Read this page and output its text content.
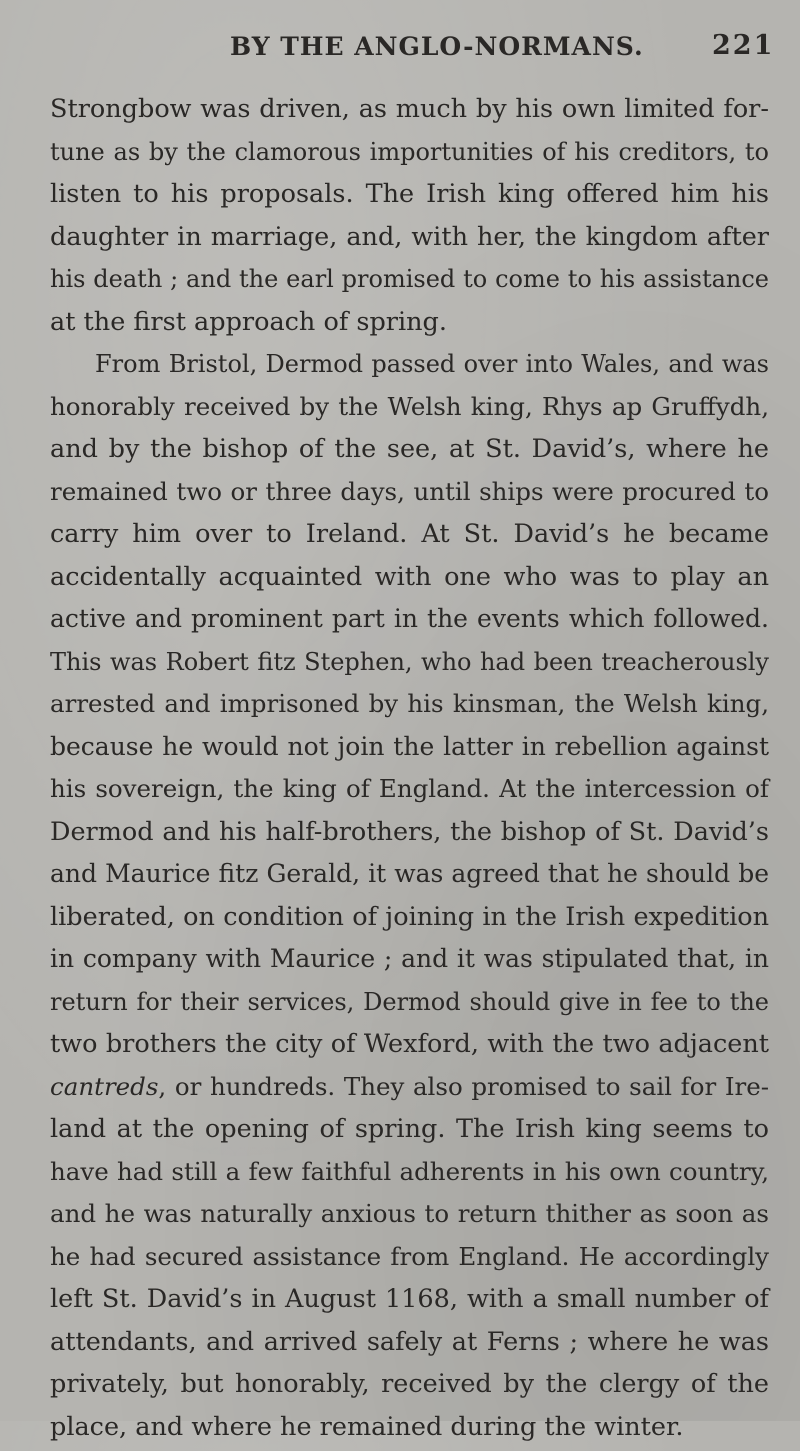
BY THE ANGLO-NORMANS.	221
Strongbow was driven, as much by his own limited for-
tune as by the clamorous importunities of his creditors, to
listen to his proposals. The Irish king offered him his
daughter in marriage, and, with her, the kingdom after
his death ; and the earl promised to come to his assistance
at the first approach of spring.
From Bristol, Dermod passed over into Wales, and was
honorably received by the Welsh king, Rhys ap Gruffydh,
and by the bishop of the see, at St. David’s, where he
remained two or three days, until ships were procured to
carry him over to Ireland. At St. David’s he became
accidentally acquainted with one who was to play an
active and prominent part in the events which followed.
This was Robert fitz Stephen, who had been treacherously
arrested and imprisoned by his kinsman, the Welsh king,
because he would not join the latter in rebellion against
his sovereign, the king of England. At the intercession of
Dermod and his half-brothers, the bishop of St. David’s
and Maurice fitz Gerald, it was agreed that he should be
liberated, on condition of joining in the Irish expedition
in company with Maurice ; and it was stipulated that, in
return for their services, Dermod should give in fee to the
two brothers the city of Wexford, with the two adjacent
cantreds, or hundreds. They also promised to sail for Ire-
land at the opening of spring. The Irish king seems to
have had still a few faithful adherents in his own country,
and he was naturally anxious to return thither as soon as
he had secured assistance from England. He accordingly
left St. David’s in August 1168, with a small number of
attendants, and arrived safely at Ferns ; where he was
privately, but honorably, received by the clergy of the
place, and where he remained during the winter.
